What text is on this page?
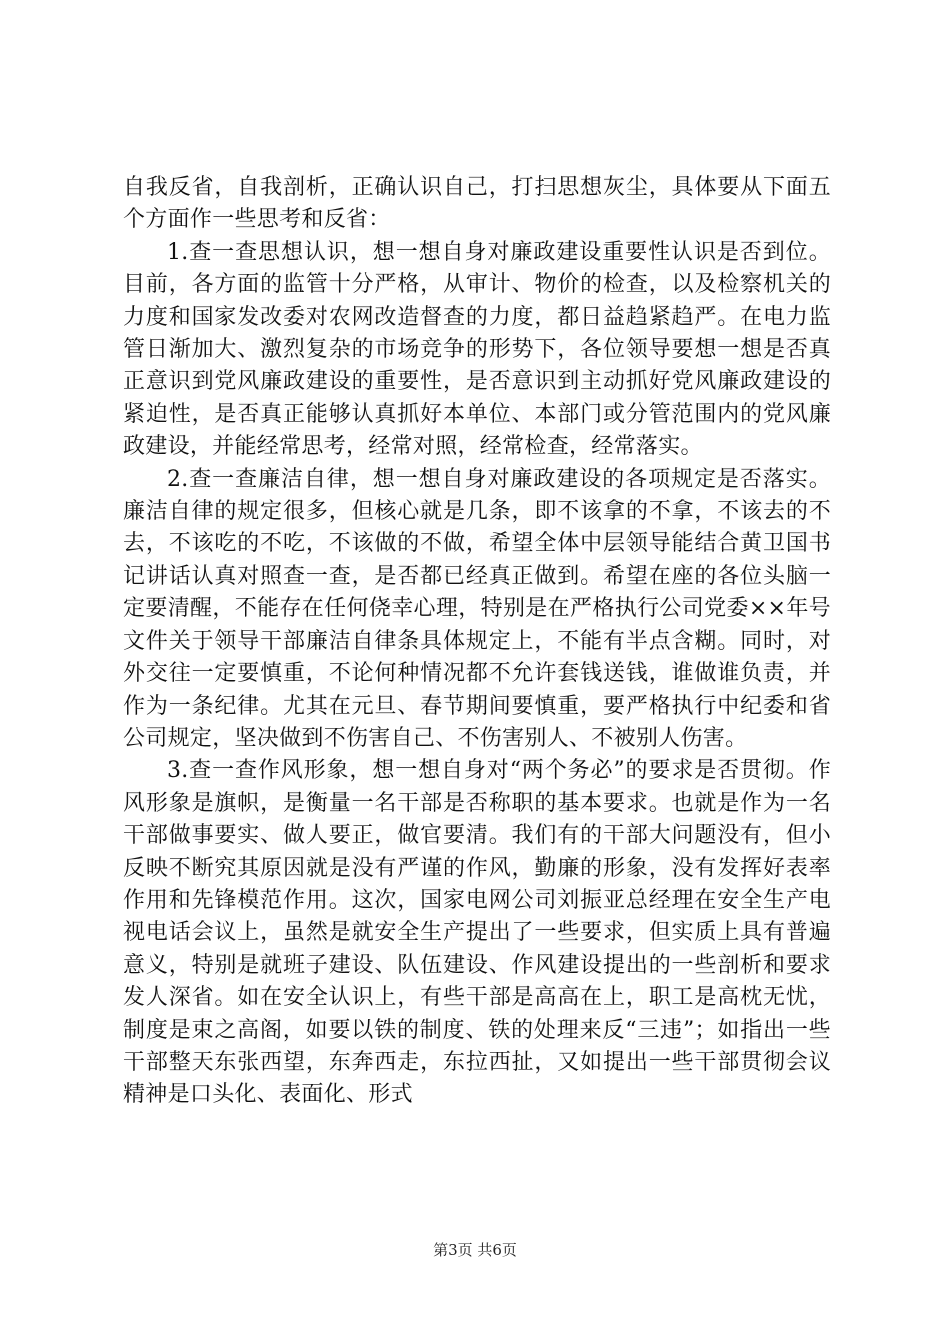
自我反省，自我剖析，正确认识自己，打扫思想灰尘，具体要从下面五个方面作一些思考和反省：

1.查一查思想认识，想一想自身对廉政建设重要性认识是否到位。目前，各方面的监管十分严格，从审计、物价的检查，以及检察机关的力度和国家发改委对农网改造督查的力度，都日益趋紧趋严。在电力监管日渐加大、激烈复杂的市场竞争的形势下，各位领导要想一想是否真正意识到党风廉政建设的重要性，是否意识到主动抓好党风廉政建设的紧迫性，是否真正能够认真抓好本单位、本部门或分管范围内的党风廉政建设，并能经常思考，经常对照，经常检查，经常落实。

2.查一查廉洁自律，想一想自身对廉政建设的各项规定是否落实。廉洁自律的规定很多，但核心就是几条，即不该拿的不拿，不该去的不去，不该吃的不吃，不该做的不做，希望全体中层领导能结合黄卫国书记讲话认真对照查一查，是否都已经真正做到。希望在座的各位头脑一定要清醒，不能存在任何侥幸心理，特别是在严格执行公司党委××年号文件关于领导干部廉洁自律条具体规定上，不能有半点含糊。同时，对外交往一定要慎重，不论何种情况都不允许套钱送钱，谁做谁负责，并作为一条纪律。尤其在元旦、春节期间要慎重，要严格执行中纪委和省公司规定，坚决做到不伤害自己、不伤害别人、不被别人伤害。

3.查一查作风形象，想一想自身对“两个务必”的要求是否贯彻。作风形象是旗帜，是衡量一名干部是否称职的基本要求。也就是作为一名干部做事要实、做人要正，做官要清。我们有的干部大问题没有，但小反映不断究其原因就是没有严谨的作风，勤廉的形象，没有发挥好表率作用和先锋模范作用。这次，国家电网公司刘振亚总经理在安全生产电视电话会议上，虽然是就安全生产提出了一些要求，但实质上具有普遍意义，特别是就班子建设、队伍建设、作风建设提出的一些剖析和要求发人深省。如在安全认识上，有些干部是高高在上，职工是高枕无忧，制度是束之高阁，如要以铁的制度、铁的处理来反“三违”；如指出一些干部整天东张西望，东奔西走，东拉西扯，又如提出一些干部贯彻会议精神是口头化、表面化、形式

第3页 共6页
